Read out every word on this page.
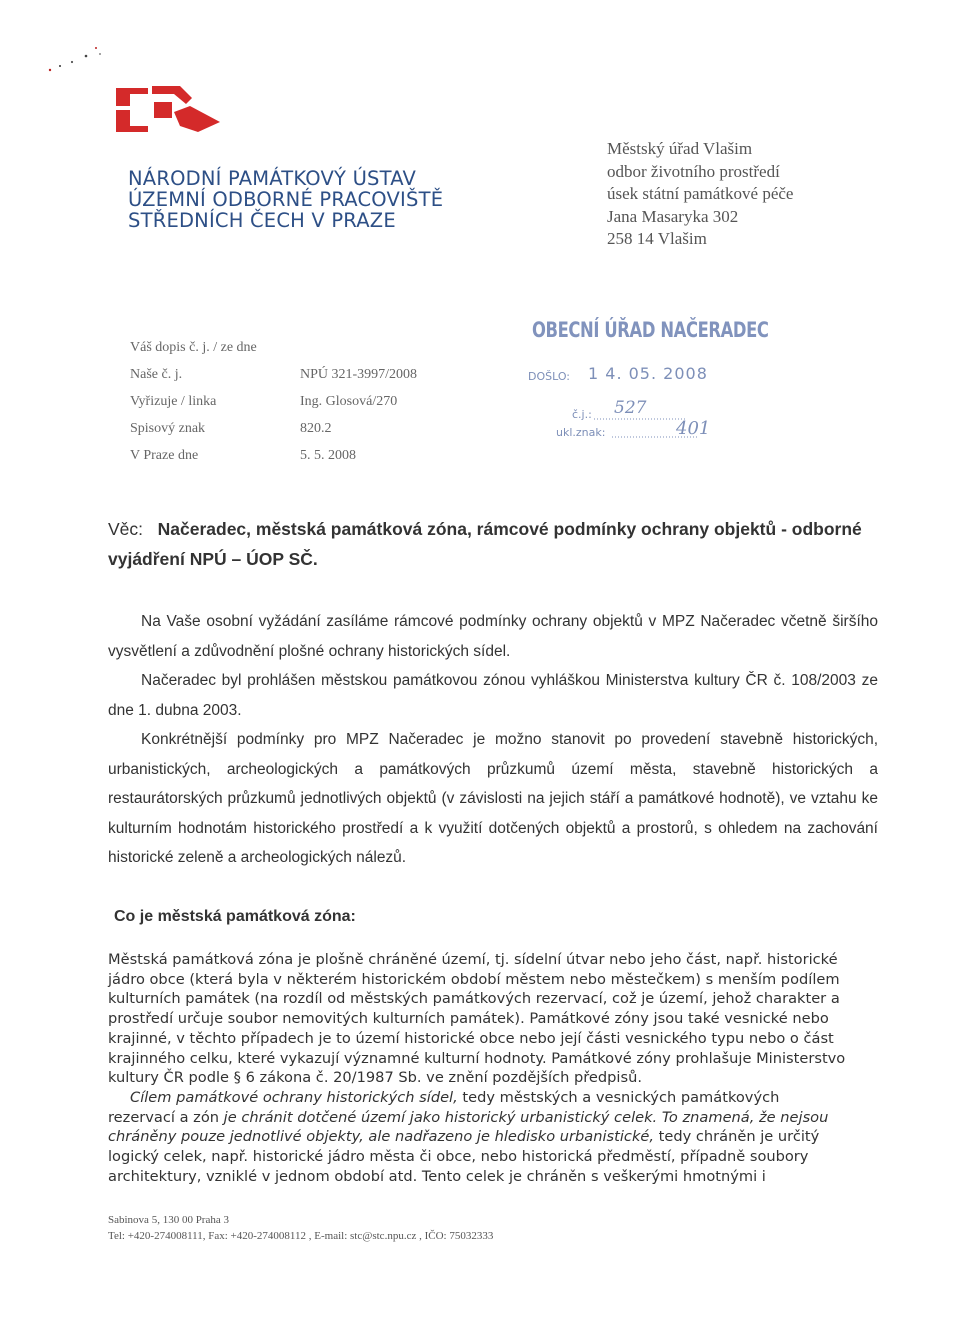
NÁRODNÍ PAMÁTKOVÝ ÚSTAV
ÚZEMNÍ ODBORNÉ PRACOVIŠTĚ
STŘEDNÍCH ČECH V PRAZE
Městský úřad Vlašim
odbor životního prostředí
úsek státní památkové péče
Jana Masaryka 302
258 14 Vlašim
Váš dopis č. j. / ze dne
Naše č. j.
Vyřizuje / linka
Spisový znak
V Praze dne
NPÚ 321-3997/2008
Ing. Glosová/270
820.2
5. 5. 2008
OBECNÍ ÚŘAD NAČERADEC
DOŠLO: 1 4. 05. 2008
č.j.: 527
ukl.znak:	401
Věc: Načeradec, městská památková zóna, rámcové podmínky ochrany objektů - odborné vyjádření NPÚ – ÚOP SČ.

Na Vaše osobní vyžádání zasíláme rámcové podmínky ochrany objektů v MPZ Načeradec včetně širšího vysvětlení a zdůvodnění plošné ochrany historických sídel.

Načeradec byl prohlášen městskou památkovou zónou vyhláškou Ministerstva kultury ČR č. 108/2003 ze dne 1. dubna 2003.

Konkrétnější podmínky pro MPZ Načeradec je možno stanovit po provedení stavebně historických, urbanistických, archeologických a památkových průzkumů území města, stavebně historických a restaurátorských průzkumů jednotlivých objektů (v závislosti na jejich stáří a památkové hodnotě), ve vztahu ke kulturním hodnotám historického prostředí a k využití dotčených objektů a prostorů, s ohledem na zachování historické zeleně a archeologických nálezů.

Co je městská památková zóna:

Městská památková zóna je plošně chráněné území, tj. sídelní útvar nebo jeho část, např. historické jádro obce (která byla v některém historickém období městem nebo městečkem) s menším podílem kulturních památek (na rozdíl od městských památkových rezervací, což je území, jehož charakter a prostředí určuje soubor nemovitých kulturních památek). Památkové zóny jsou také vesnické nebo krajinné, v těchto případech je to území historické obce nebo její části vesnického typu nebo o část krajinného celku, které vykazují významné kulturní hodnoty. Památkové zóny prohlašuje Ministerstvo kultury ČR podle § 6 zákona č. 20/1987 Sb. ve znění pozdějších předpisů.

Cílem památkové ochrany historických sídel, tedy městských a vesnických památkových rezervací a zón je chránit dotčené území jako historický urbanistický celek. To znamená, že nejsou chráněny pouze jednotlivé objekty, ale nadřazeno je hledisko urbanistické, tedy chráněn je určitý logický celek, např. historické jádro města či obce, nebo historická předměstí, případně soubory architektury, vzniklé v jednom období atd. Tento celek je chráněn s veškerými hmotnými i

Sabinova 5, 130 00 Praha 3
Tel: +420-274008111, Fax: +420-274008112 , E-mail: stc@stc.npu.cz , IČO: 75032333
